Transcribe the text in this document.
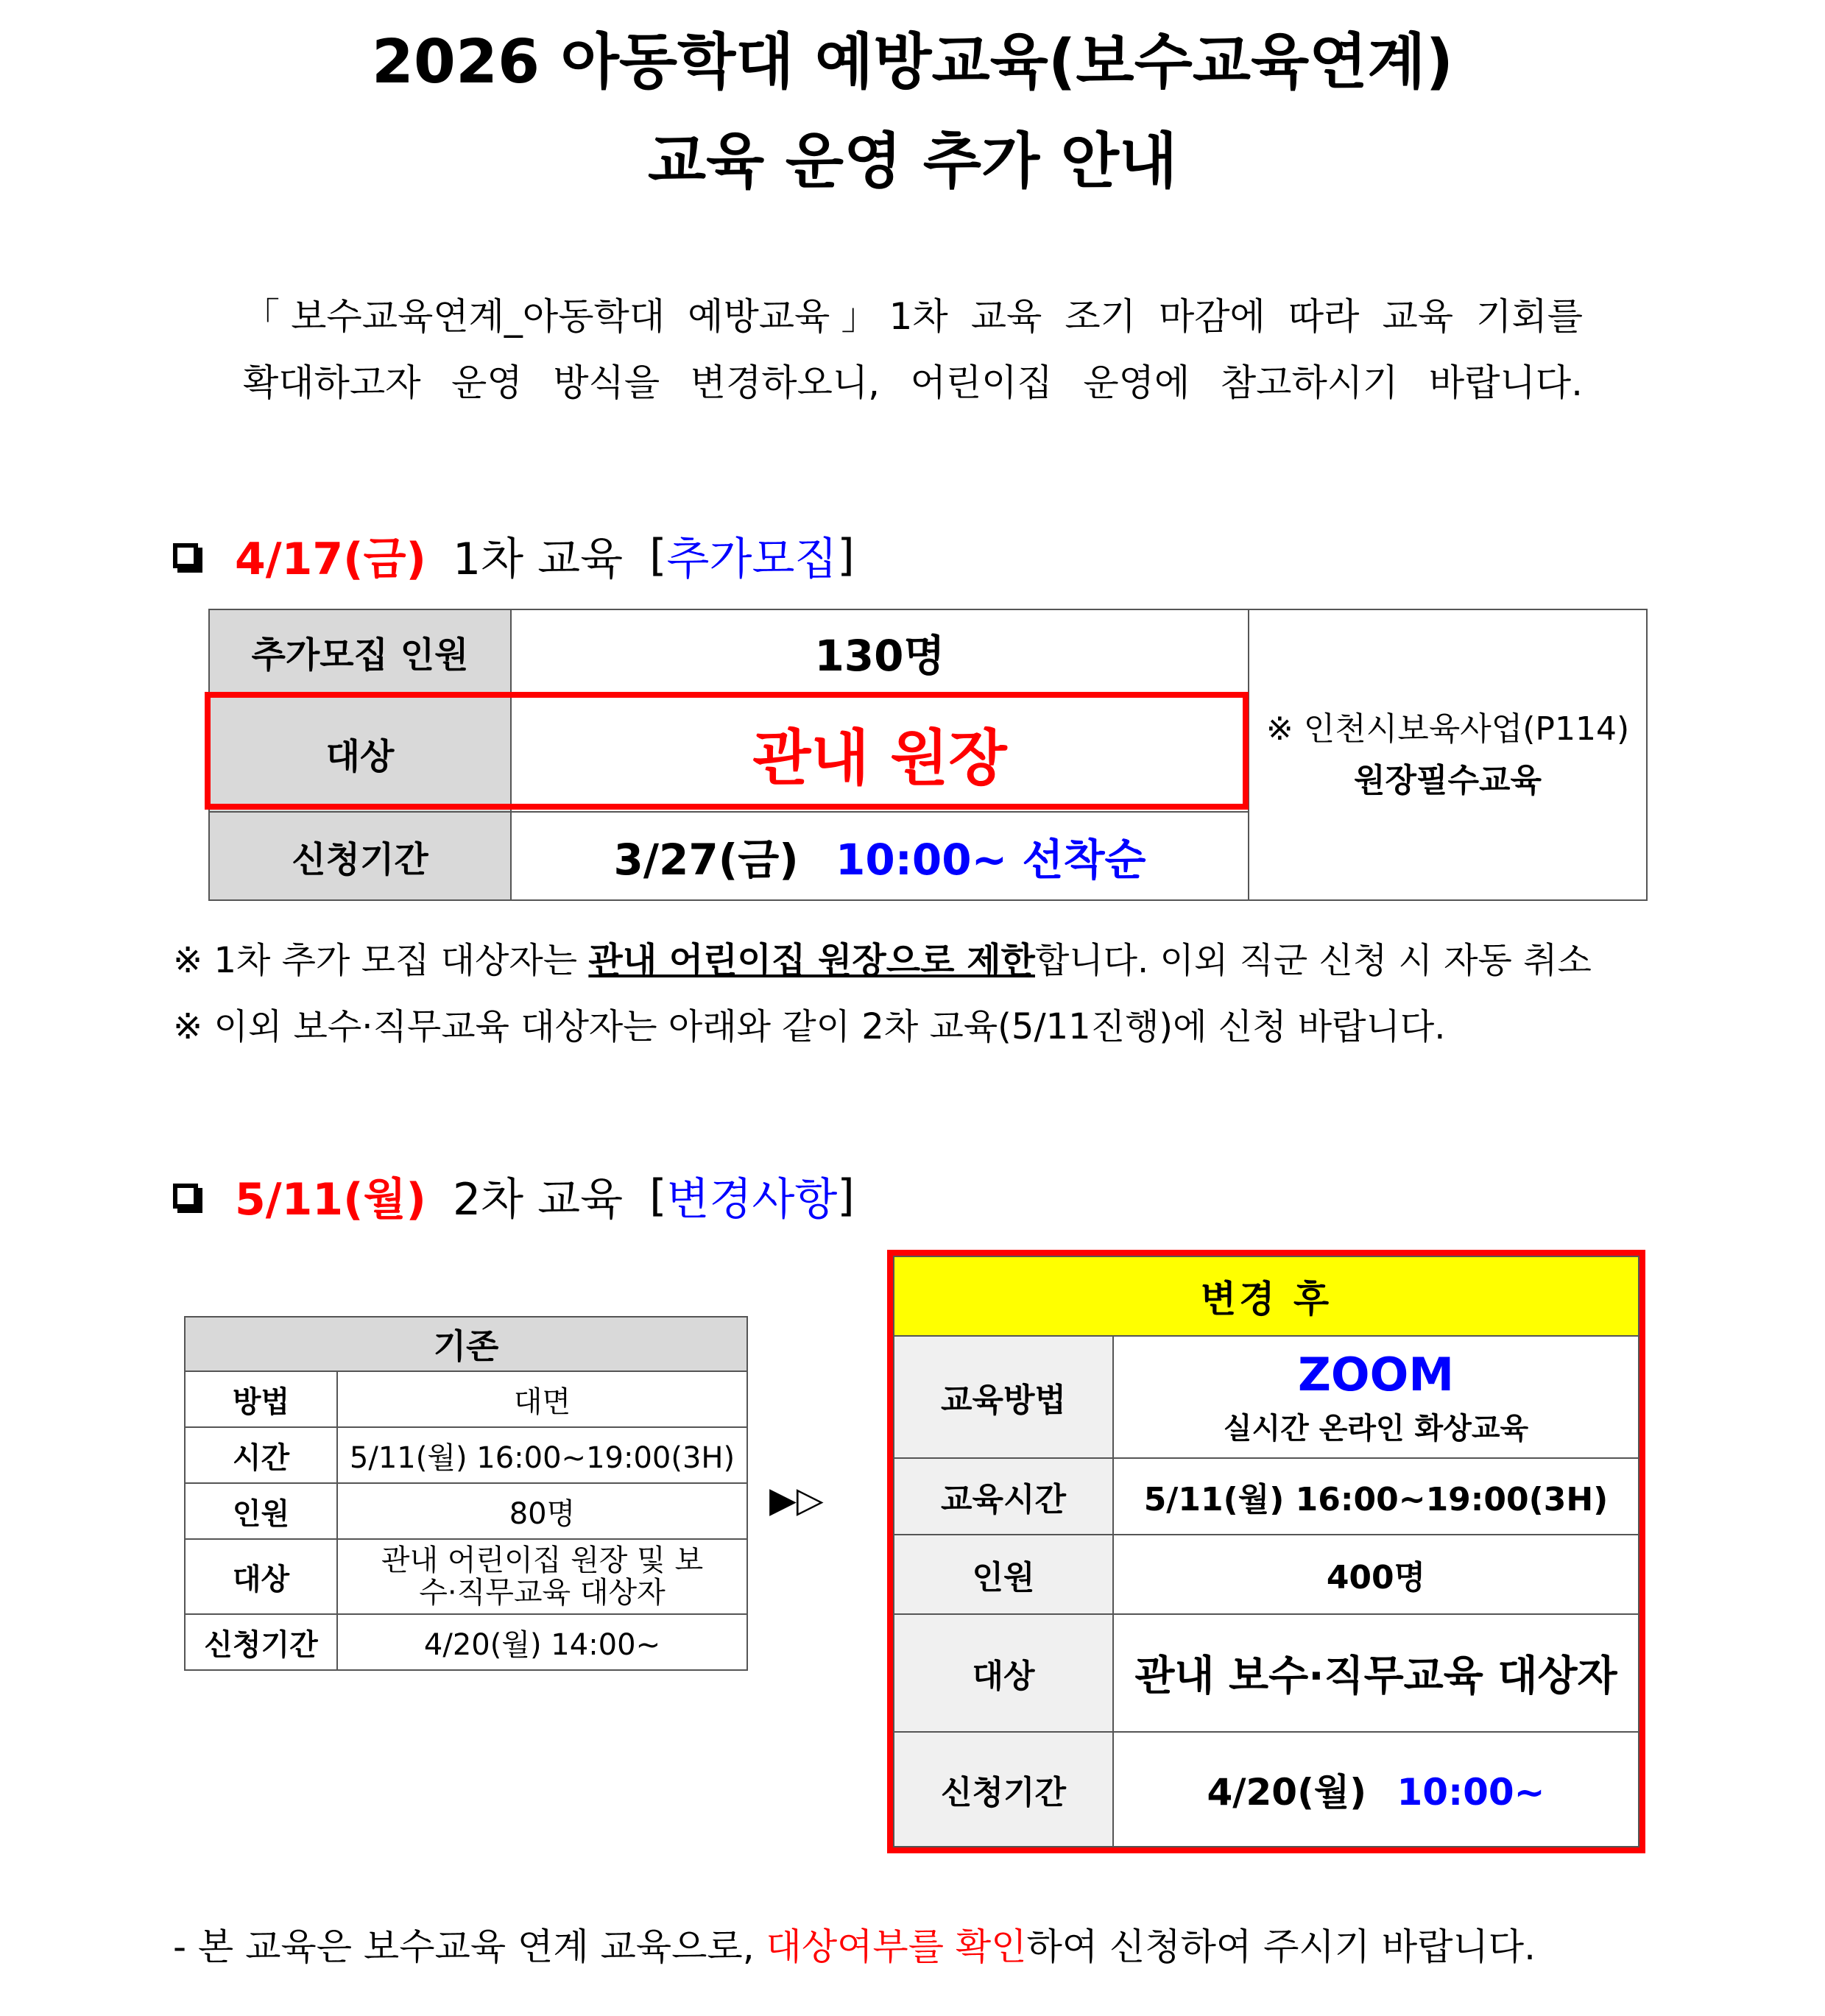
2026 아동학대 예방교육(보수교육연계)
교육 운영 추가 안내
「보수교육연계_아동학대 예방교육」1차 교육 조기 마감에 따라 교육 기회를
확대하고자 운영 방식을 변경하오니, 어린이집 운영에 참고하시기 바랍니다.
4/17(금) 1차 교육 [ 추가모집 ]
추가모집 인원	130명	※ 인천시보육사업(P114)
원장필수교육

대상	관내 원장	
신청기간	3/27(금) 10:00~ 선착순	
※ 1차 추가 모집 대상자는 관내 어린이집 원장으로 제한합니다. 이외 직군 신청 시 자동 취소
※ 이외 보수·직무교육 대상자는 아래와 같이 2차 교육(5/11진행)에 신청 바랍니다.
5/11(월) 2차 교육 [ 변경사항 ]
기존	
방법	대면
시간	5/11(월) 16:00~19:00(3H)
인원	80명
대상	관내 어린이집 원장 및 보수·직무교육 대상자
신청기간	4/20(월) 14:00~
▶▷
변경 후	
교육방법	ZOOM
실시간 온라인 화상교육

교육시간	5/11(월) 16:00~19:00(3H)
인원	400명
대상	관내 보수·직무교육 대상자
신청기간	4/20(월) 10:00~
- 본 교육은 보수교육 연계 교육으로, 대상여부를 확인하여 신청하여 주시기 바랍니다.
